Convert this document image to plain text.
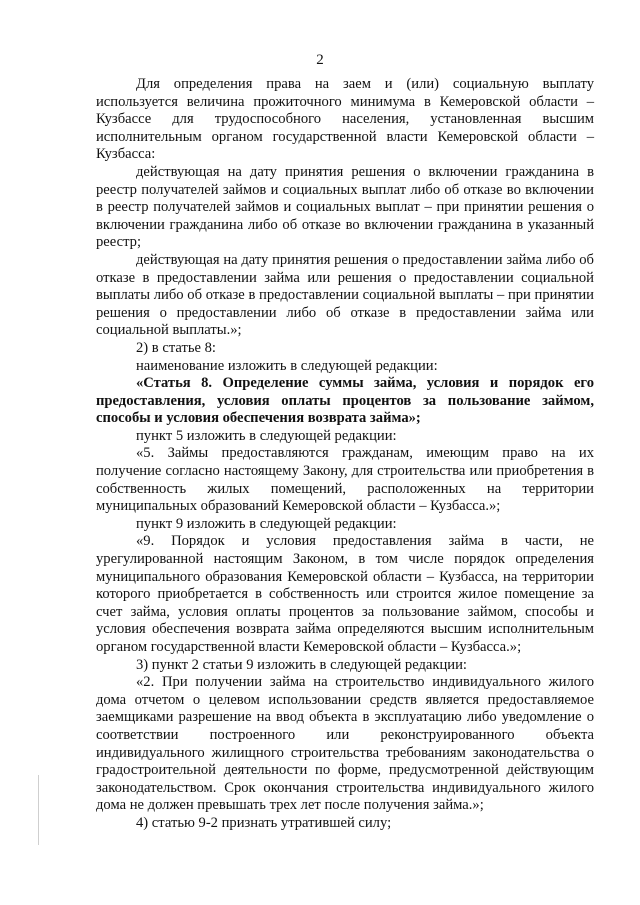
2

Для определения права на заем и (или) социальную выплату используется величина прожиточного минимума в Кемеровской области – Кузбассе для трудоспособного населения, установленная высшим исполнительным органом государственной власти Кемеровской области – Кузбасса:

действующая на дату принятия решения о включении гражданина в реестр получателей займов и социальных выплат либо об отказе во включении в реестр получателей займов и социальных выплат – при принятии решения о включении гражданина либо об отказе во включении гражданина в указанный реестр;

действующая на дату принятия решения о предоставлении займа либо об отказе в предоставлении займа или решения о предоставлении социальной выплаты либо об отказе в предоставлении социальной выплаты – при принятии решения о предоставлении либо об отказе в предоставлении займа или социальной выплаты.»;

2) в статье 8:

наименование изложить в следующей редакции:

«Статья 8. Определение суммы займа, условия и порядок его предоставления, условия оплаты процентов за пользование займом, способы и условия обеспечения возврата займа»;

пункт 5 изложить в следующей редакции:

«5. Займы предоставляются гражданам, имеющим право на их получение согласно настоящему Закону, для строительства или приобретения в собственность жилых помещений, расположенных на территории муниципальных образований Кемеровской области – Кузбасса.»;

пункт 9 изложить в следующей редакции:

«9. Порядок и условия предоставления займа в части, не урегулированной настоящим Законом, в том числе порядок определения муниципального образования Кемеровской области – Кузбасса, на территории которого приобретается в собственность или строится жилое помещение за счет займа, условия оплаты процентов за пользование займом, способы и условия обеспечения возврата займа определяются высшим исполнительным органом государственной власти Кемеровской области – Кузбасса.»;

3) пункт 2 статьи 9 изложить в следующей редакции:

«2. При получении займа на строительство индивидуального жилого дома отчетом о целевом использовании средств является предоставляемое заемщиками разрешение на ввод объекта в эксплуатацию либо уведомление о соответствии построенного или реконструированного объекта индивидуального жилищного строительства требованиям законодательства о градостроительной деятельности по форме, предусмотренной действующим законодательством. Срок окончания строительства индивидуального жилого дома не должен превышать трех лет после получения займа.»;

4) статью 9-2 признать утратившей силу;
